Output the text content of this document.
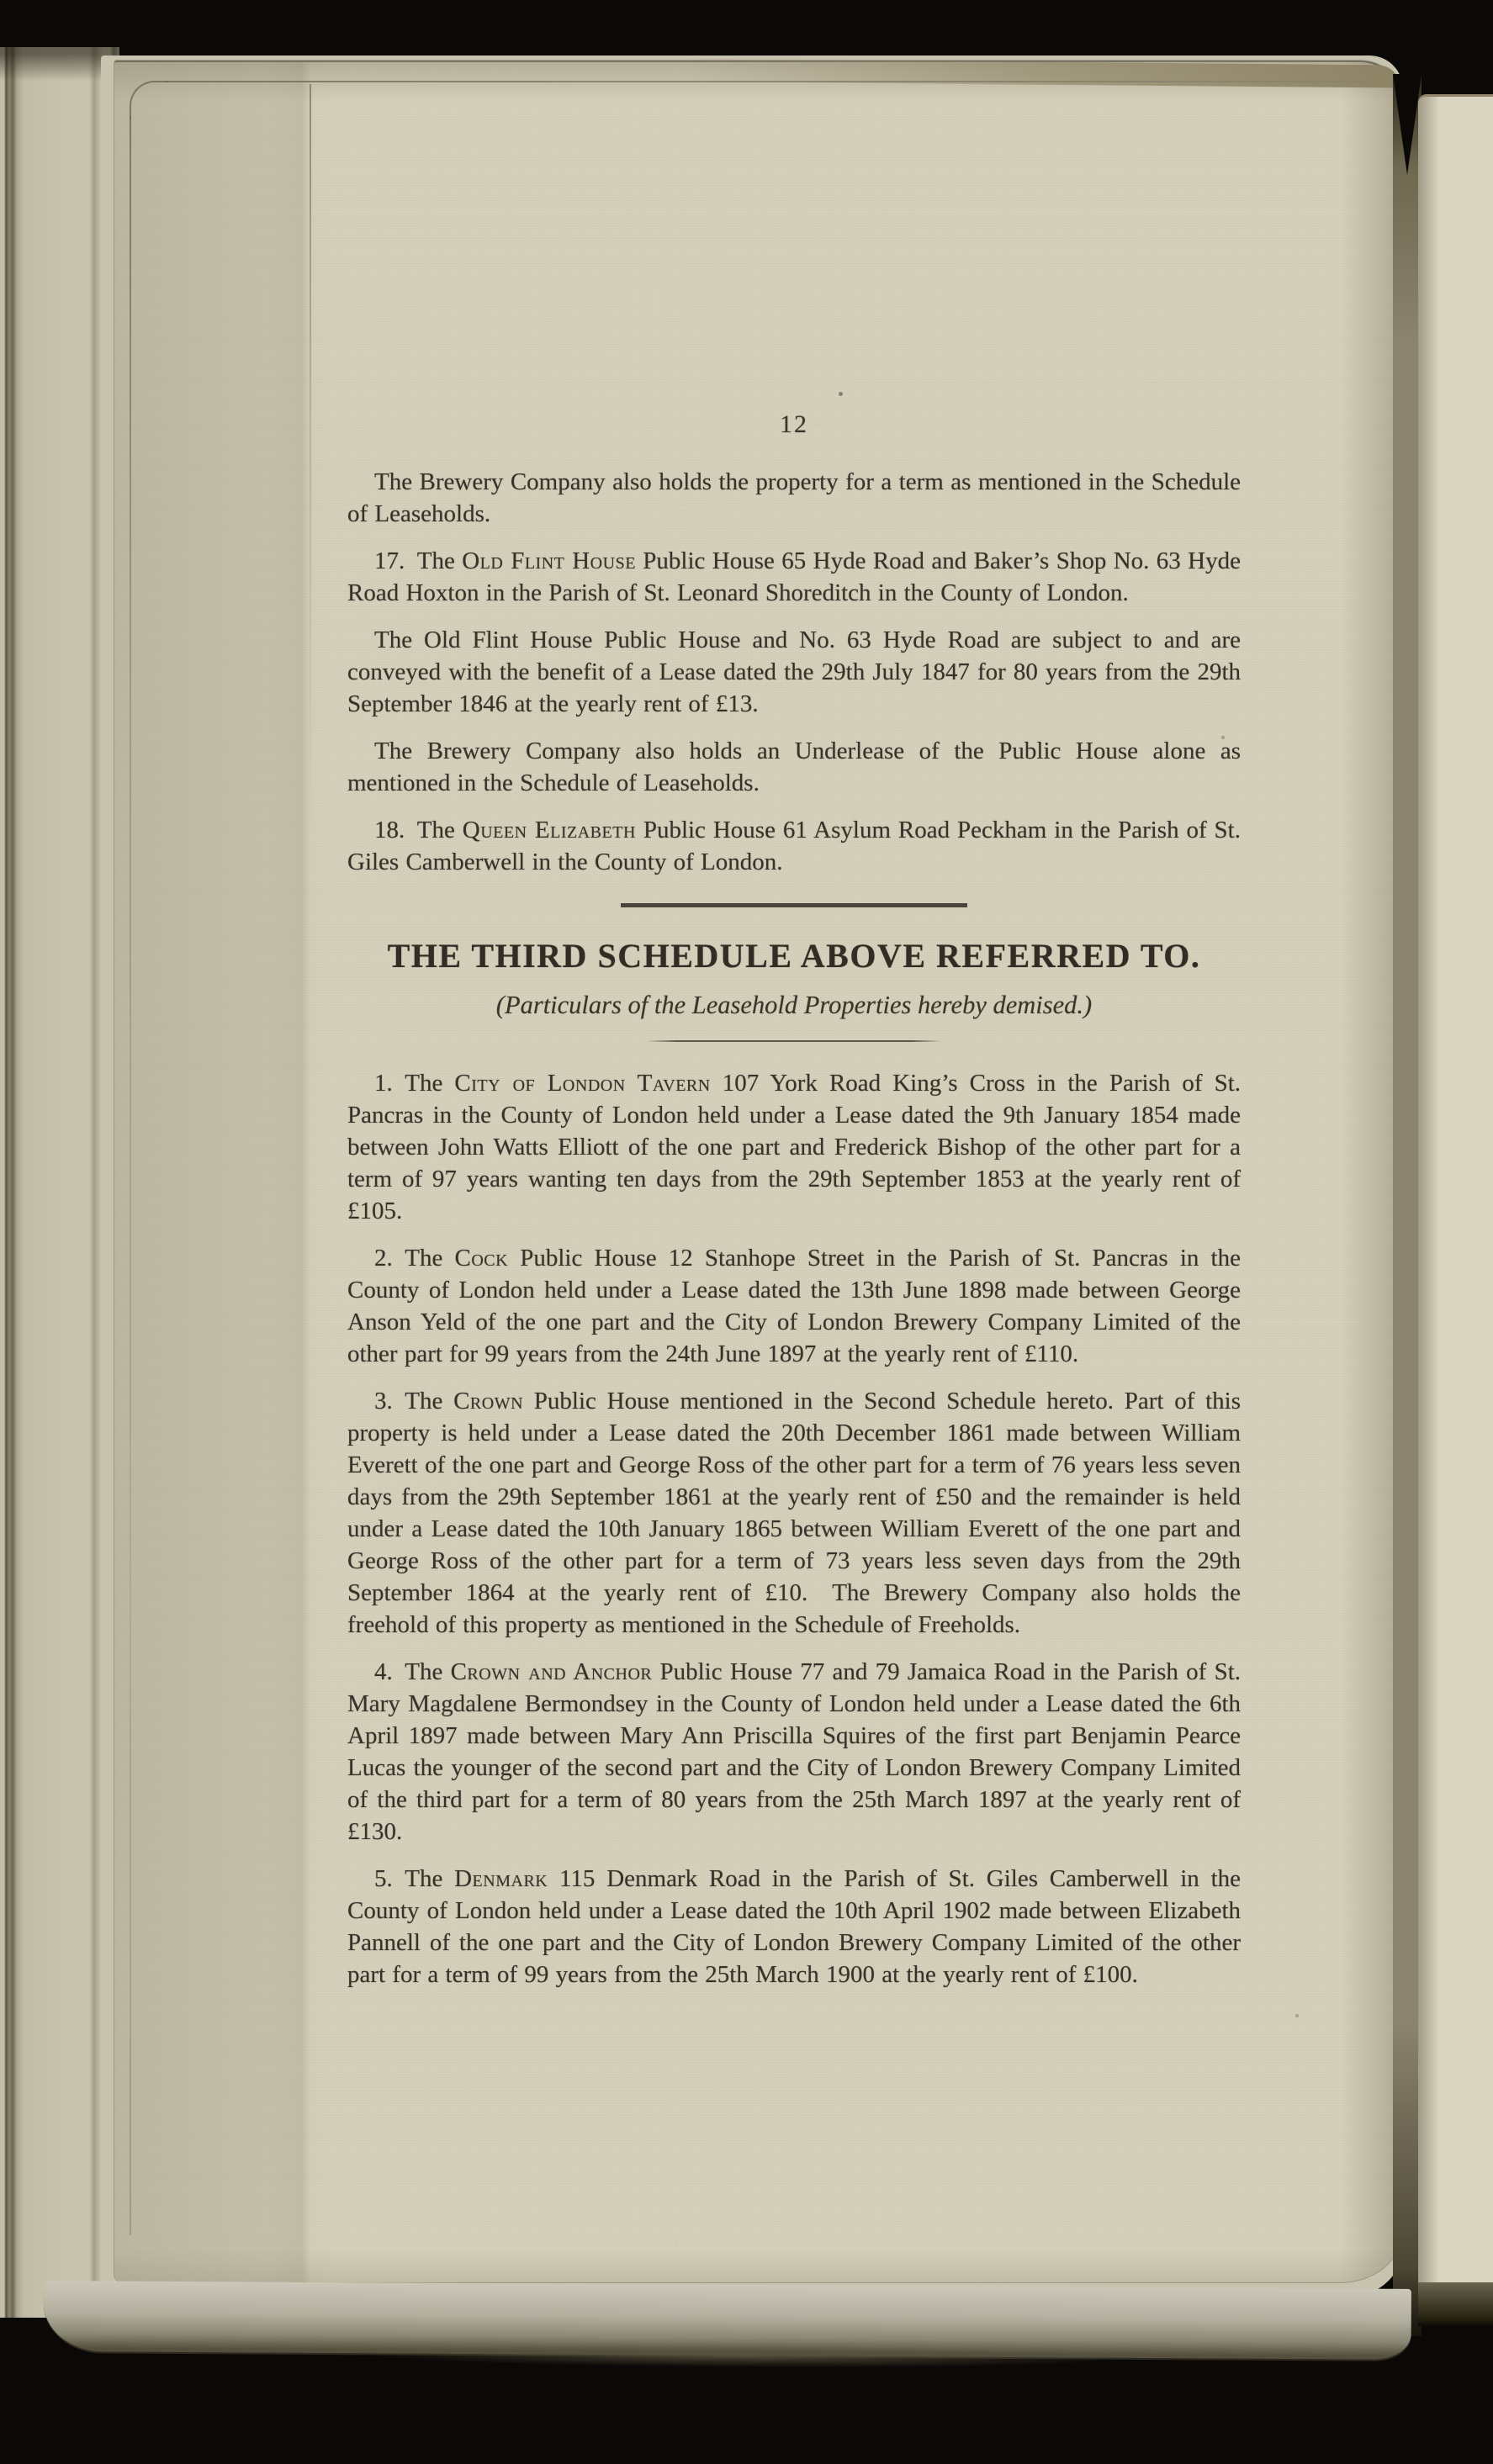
12

The Brewery Company also holds the property for a term as mentioned in the Schedule of Leaseholds.

17. The Old Flint House Public House 65 Hyde Road and Baker’s Shop No. 63 Hyde Road Hoxton in the Parish of St. Leonard Shoreditch in the County of London.

The Old Flint House Public House and No. 63 Hyde Road are subject to and are conveyed with the benefit of a Lease dated the 29th July 1847 for 80 years from the 29th September 1846 at the yearly rent of £13.

The Brewery Company also holds an Underlease of the Public House alone as mentioned in the Schedule of Leaseholds.

18. The Queen Elizabeth Public House 61 Asylum Road Peckham in the Parish of St. Giles Camberwell in the County of London.

THE THIRD SCHEDULE ABOVE REFERRED TO.
(Particulars of the Leasehold Properties hereby demised.)

1. The City of London Tavern 107 York Road King’s Cross in the Parish of St. Pancras in the County of London held under a Lease dated the 9th January 1854 made between John Watts Elliott of the one part and Frederick Bishop of the other part for a term of 97 years wanting ten days from the 29th September 1853 at the yearly rent of £105.

2. The Cock Public House 12 Stanhope Street in the Parish of St. Pancras in the County of London held under a Lease dated the 13th June 1898 made between George Anson Yeld of the one part and the City of London Brewery Company Limited of the other part for 99 years from the 24th June 1897 at the yearly rent of £110.

3. The Crown Public House mentioned in the Second Schedule hereto. Part of this property is held under a Lease dated the 20th December 1861 made between William Everett of the one part and George Ross of the other part for a term of 76 years less seven days from the 29th September 1861 at the yearly rent of £50 and the remainder is held under a Lease dated the 10th January 1865 between William Everett of the one part and George Ross of the other part for a term of 73 years less seven days from the 29th September 1864 at the yearly rent of £10. The Brewery Company also holds the freehold of this property as mentioned in the Schedule of Freeholds.

4. The Crown and Anchor Public House 77 and 79 Jamaica Road in the Parish of St. Mary Magdalene Bermondsey in the County of London held under a Lease dated the 6th April 1897 made between Mary Ann Priscilla Squires of the first part Benjamin Pearce Lucas the younger of the second part and the City of London Brewery Company Limited of the third part for a term of 80 years from the 25th March 1897 at the yearly rent of £130.

5. The Denmark 115 Denmark Road in the Parish of St. Giles Camberwell in the County of London held under a Lease dated the 10th April 1902 made between Elizabeth Pannell of the one part and the City of London Brewery Company Limited of the other part for a term of 99 years from the 25th March 1900 at the yearly rent of £100.
